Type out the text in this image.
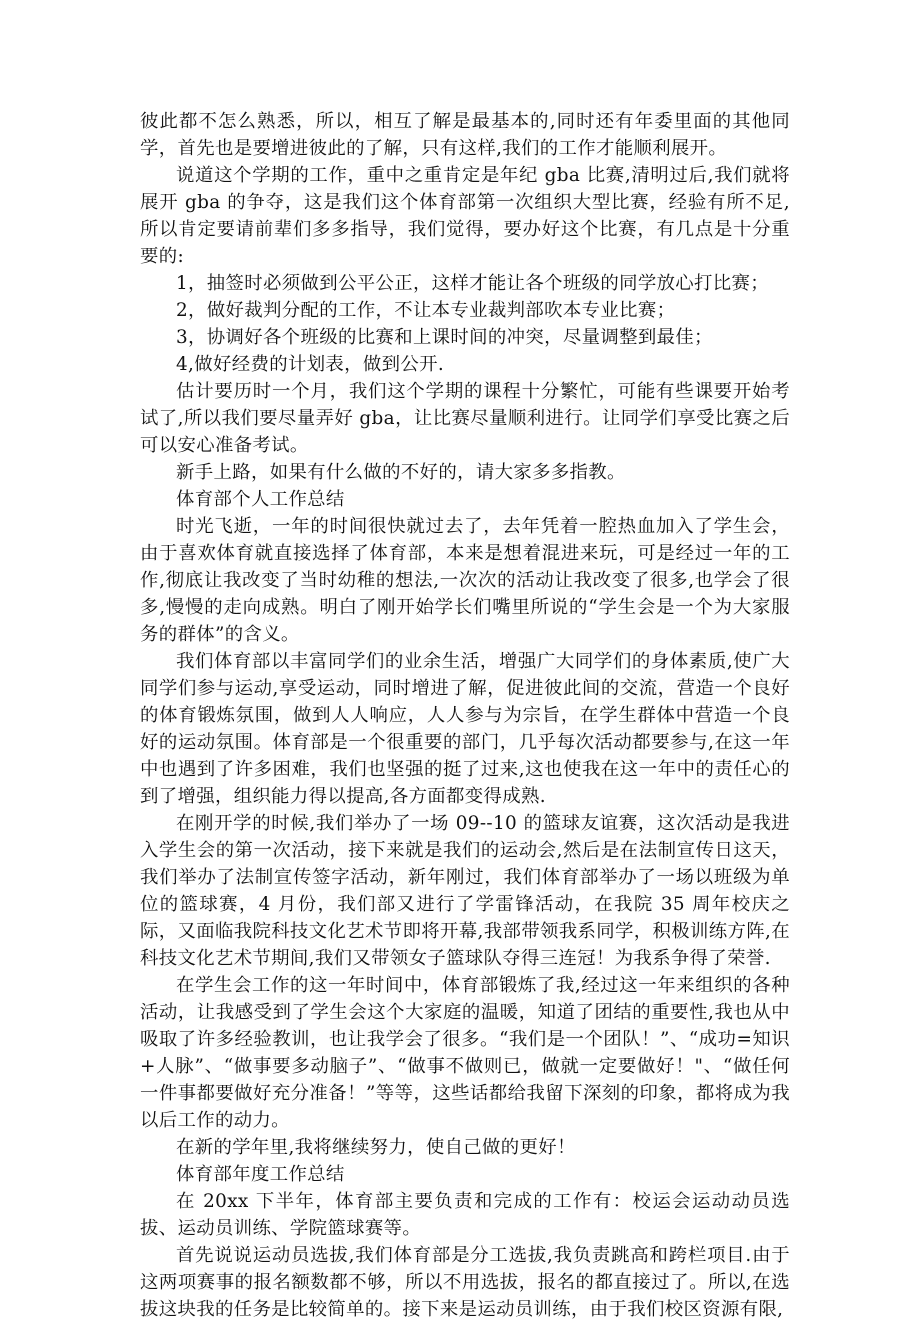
彼此都不怎么熟悉，所以，相互了解是最基本的,同时还有年委里面的其他同学，首先也是要增进彼此的了解，只有这样,我们的工作才能顺利展开。

说道这个学期的工作，重中之重肯定是年纪 gba 比赛,清明过后,我们就将展开 gba 的争夺，这是我们这个体育部第一次组织大型比赛，经验有所不足,所以肯定要请前辈们多多指导，我们觉得，要办好这个比赛，有几点是十分重要的:

1，抽签时必须做到公平公正，这样才能让各个班级的同学放心打比赛；

2，做好裁判分配的工作，不让本专业裁判部吹本专业比赛；

3，协调好各个班级的比赛和上课时间的冲突，尽量调整到最佳；

4,做好经费的计划表，做到公开.

估计要历时一个月，我们这个学期的课程十分繁忙，可能有些课要开始考试了,所以我们要尽量弄好 gba，让比赛尽量顺利进行。让同学们享受比赛之后可以安心准备考试。

新手上路，如果有什么做的不好的，请大家多多指教。

体育部个人工作总结

时光飞逝，一年的时间很快就过去了，去年凭着一腔热血加入了学生会，由于喜欢体育就直接选择了体育部，本来是想着混进来玩，可是经过一年的工作,彻底让我改变了当时幼稚的想法,一次次的活动让我改变了很多,也学会了很多,慢慢的走向成熟。明白了刚开始学长们嘴里所说的“学生会是一个为大家服务的群体”的含义。

我们体育部以丰富同学们的业余生活，增强广大同学们的身体素质,使广大同学们参与运动,享受运动，同时增进了解，促进彼此间的交流，营造一个良好的体育锻炼氛围，做到人人响应，人人参与为宗旨，在学生群体中营造一个良好的运动氛围。体育部是一个很重要的部门，几乎每次活动都要参与,在这一年中也遇到了许多困难，我们也坚强的挺了过来,这也使我在这一年中的责任心的到了增强，组织能力得以提高,各方面都变得成熟.

在刚开学的时候,我们举办了一场 09--10 的篮球友谊赛，这次活动是我进入学生会的第一次活动，接下来就是我们的运动会,然后是在法制宣传日这天，我们举办了法制宣传签字活动，新年刚过，我们体育部举办了一场以班级为单位的篮球赛，4 月份，我们部又进行了学雷锋活动，在我院 35 周年校庆之际，又面临我院科技文化艺术节即将开幕,我部带领我系同学，积极训练方阵,在科技文化艺术节期间,我们又带领女子篮球队夺得三连冠！为我系争得了荣誉.

在学生会工作的这一年时间中，体育部锻炼了我,经过这一年来组织的各种活动，让我感受到了学生会这个大家庭的温暖，知道了团结的重要性,我也从中吸取了许多经验教训，也让我学会了很多。“我们是一个团队！”、“成功=知识+人脉”、“做事要多动脑子”、“做事不做则已，做就一定要做好！"、“做任何一件事都要做好充分准备！”等等，这些话都给我留下深刻的印象，都将成为我以后工作的动力。

在新的学年里,我将继续努力，使自己做的更好！

体育部年度工作总结

在 20xx 下半年，体育部主要负责和完成的工作有：校运会运动动员选拔、运动员训练、学院篮球赛等。

首先说说运动员选拔,我们体育部是分工选拔,我负责跳高和跨栏项目.由于这两项赛事的报名额数都不够，所以不用选拔，报名的都直接过了。所以,在选拔这块我的任务是比较简单的。接下来是运动员训练，由于我们校区资源有限,
